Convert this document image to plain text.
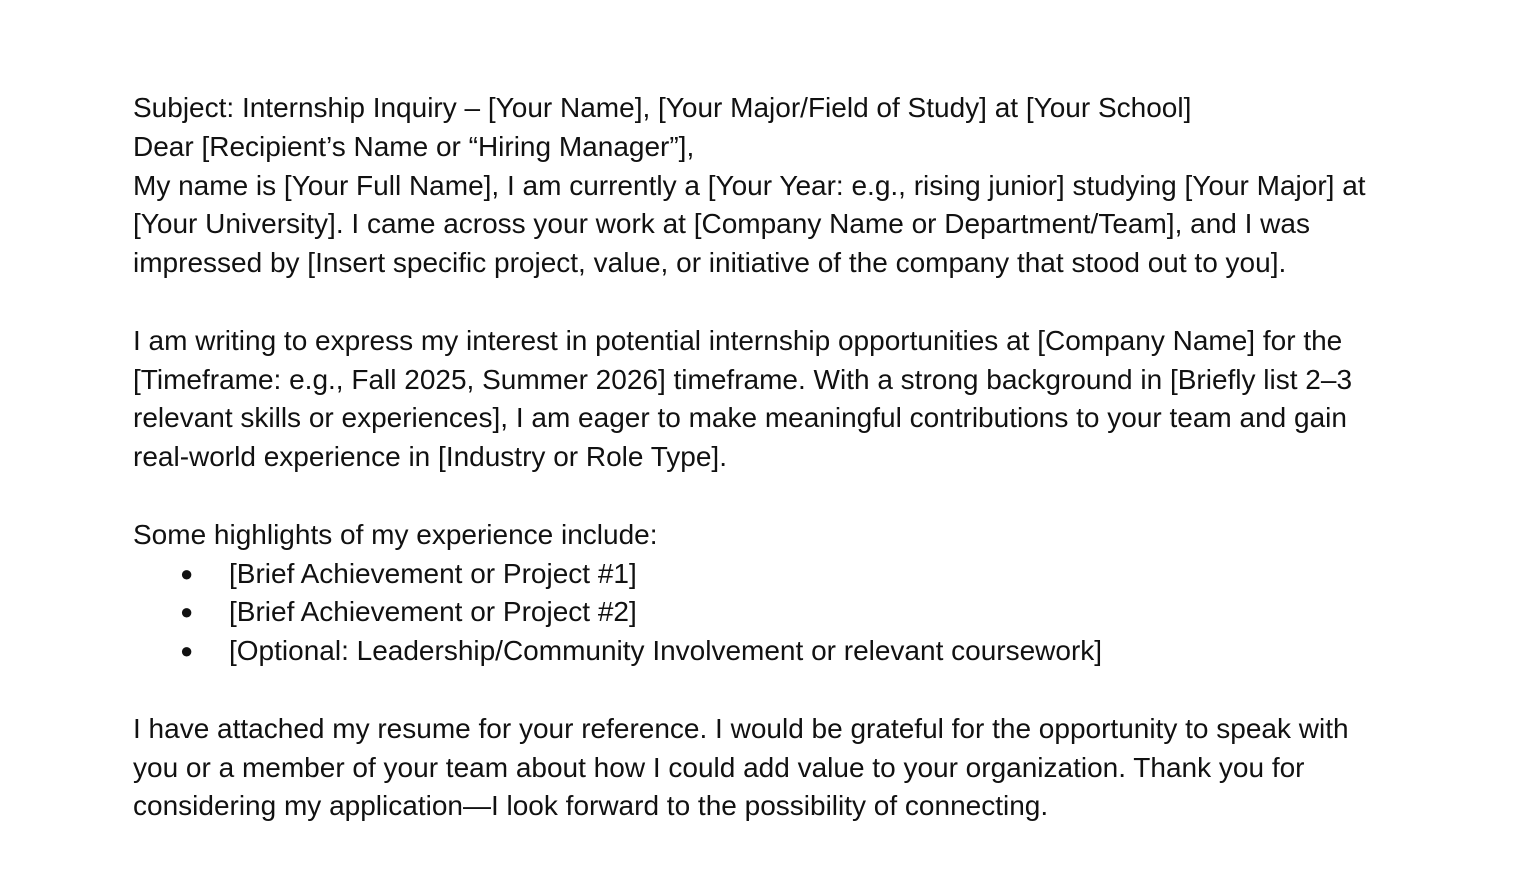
Subject: Internship Inquiry – [Your Name], [Your Major/Field of Study] at [Your School]

Dear [Recipient’s Name or “Hiring Manager”],

My name is [Your Full Name], I am currently a [Your Year: e.g., rising junior] studying [Your Major] at [Your University]. I came across your work at [Company Name or Department/Team], and I was impressed by [Insert specific project, value, or initiative of the company that stood out to you].

I am writing to express my interest in potential internship opportunities at [Company Name] for the [Timeframe: e.g., Fall 2025, Summer 2026] timeframe. With a strong background in [Briefly list 2–3 relevant skills or experiences], I am eager to make meaningful contributions to your team and gain real-world experience in [Industry or Role Type].

Some highlights of my experience include:

● [Brief Achievement or Project #1]
● [Brief Achievement or Project #2]
● [Optional: Leadership/Community Involvement or relevant coursework]

I have attached my resume for your reference. I would be grateful for the opportunity to speak with you or a member of your team about how I could add value to your organization. Thank you for considering my application—I look forward to the possibility of connecting.
